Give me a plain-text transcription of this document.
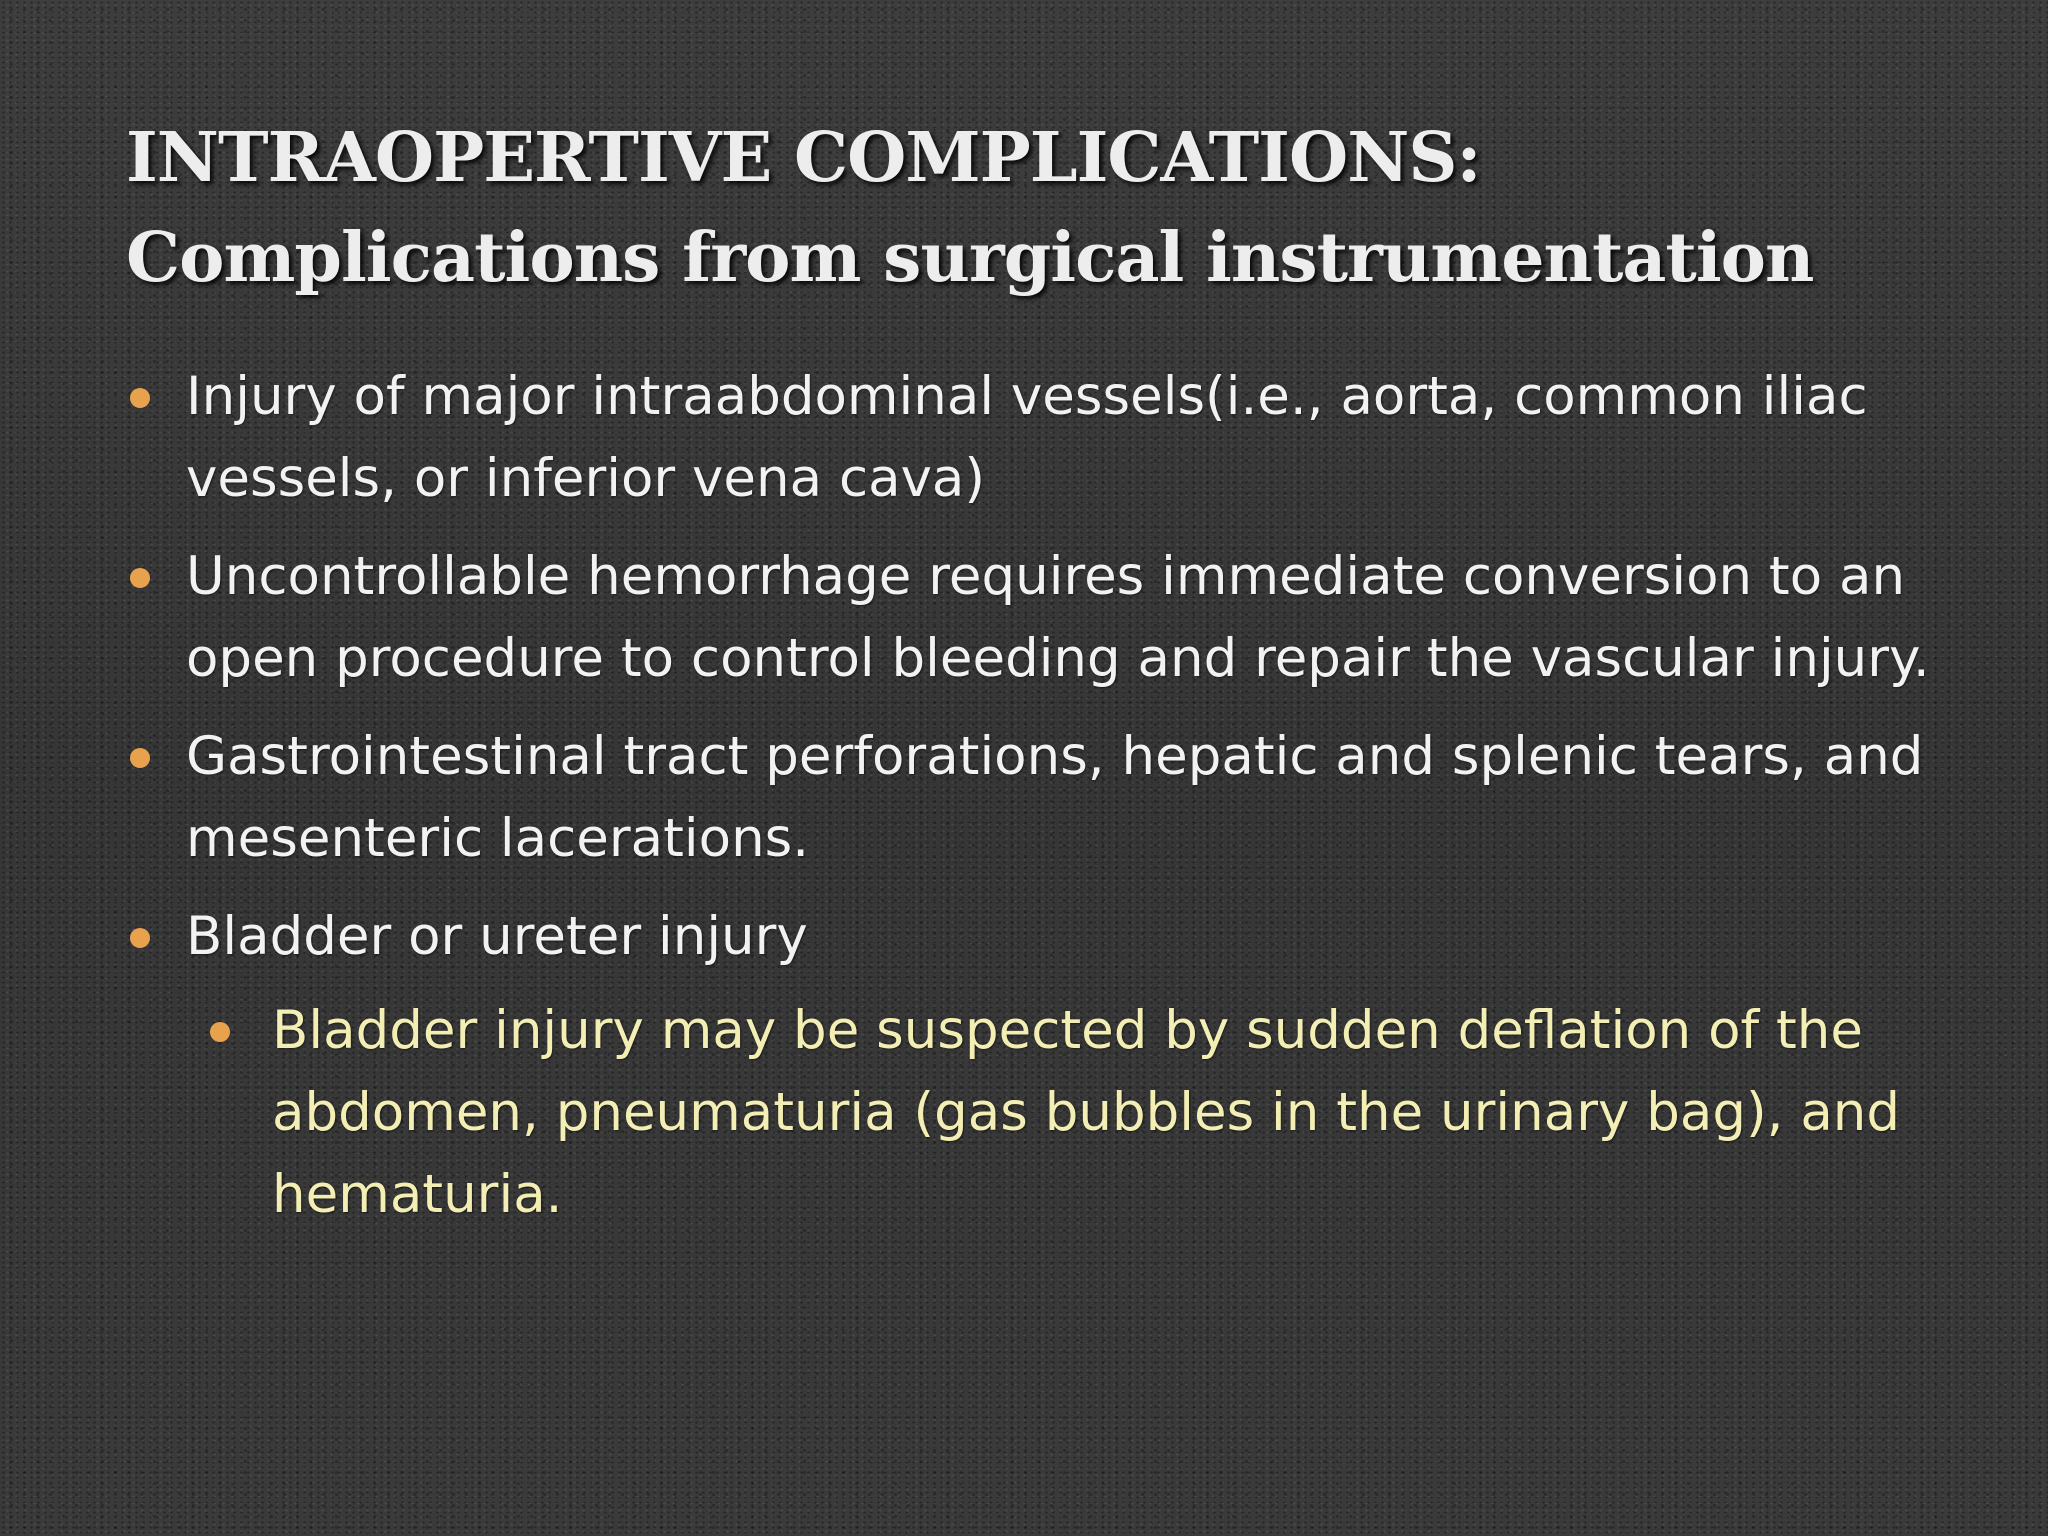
INTRAOPERTIVE COMPLICATIONS:
Complications from surgical instrumentation
Injury of major intraabdominal vessels(i.e., aorta, common iliac vessels, or inferior vena cava)
Uncontrollable hemorrhage requires immediate conversion to an open procedure to control bleeding and repair the vascular injury.
Gastrointestinal tract perforations, hepatic and splenic tears, and mesenteric lacerations.
Bladder or ureter injury
Bladder injury may be suspected by sudden deflation of the abdomen, pneumaturia (gas bubbles in the urinary bag), and hematuria.
